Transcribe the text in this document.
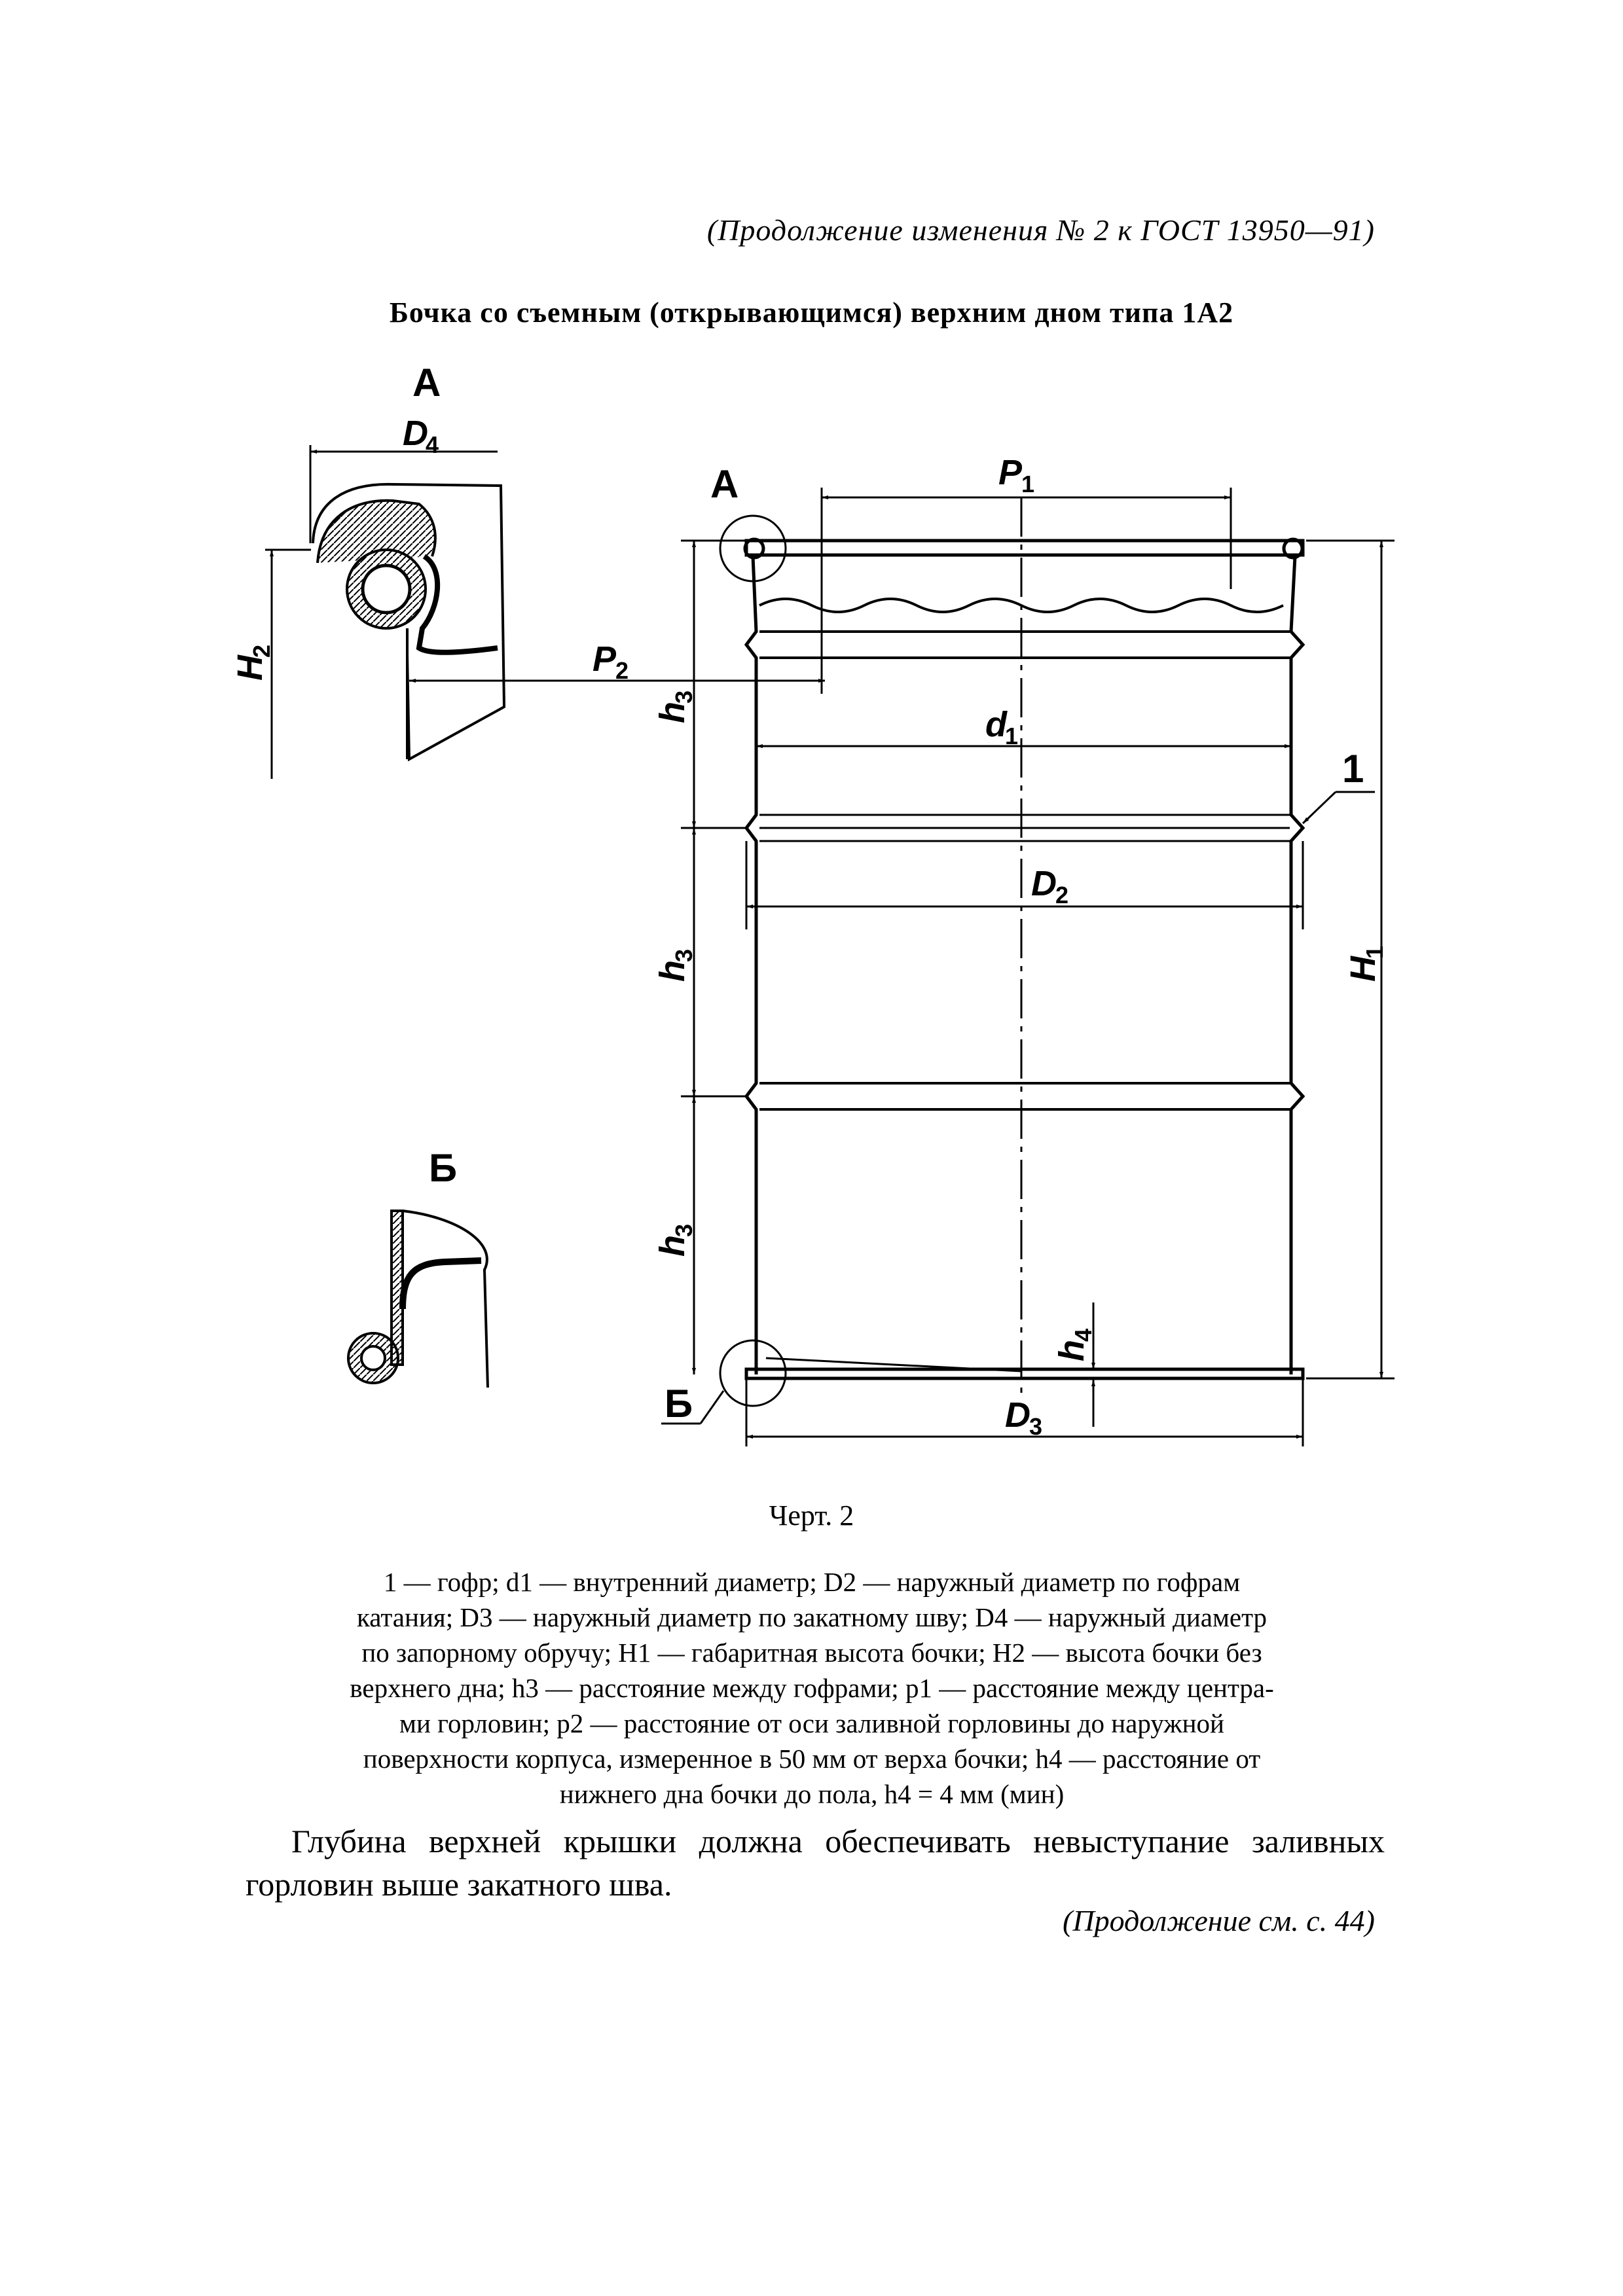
(Продолжение изменения № 2 к ГОСТ 13950—91)
Бочка со съемным (открывающимся) верхним дном типа 1А2
А
D
4
H
2	P
2
Б
А	P
1
d
1
D
2
1
H
1
h
3
h
3
h
3
h
4
Б	D
3
Черт. 2
1 — гофр; d1 — внутренний диаметр; D2 — наружный диаметр по гофрам
катания; D3 — наружный диаметр по закатному шву; D4 — наружный диаметр
по запорному обручу; H1 — габаритная высота бочки; H2 — высота бочки без
верхнего дна; h3 — расстояние между гофрами; p1 — расстояние между центра-
ми горловин; p2 — расстояние от оси заливной горловины до наружной
поверхности корпуса, измеренное в 50 мм от верха бочки; h4 — расстояние от
нижнего дна бочки до пола, h4 = 4 мм (мин)
Глубина верхней крышки должна обеспечивать невыступание заливных горловин выше закатного шва.
(Продолжение см. с. 44)
